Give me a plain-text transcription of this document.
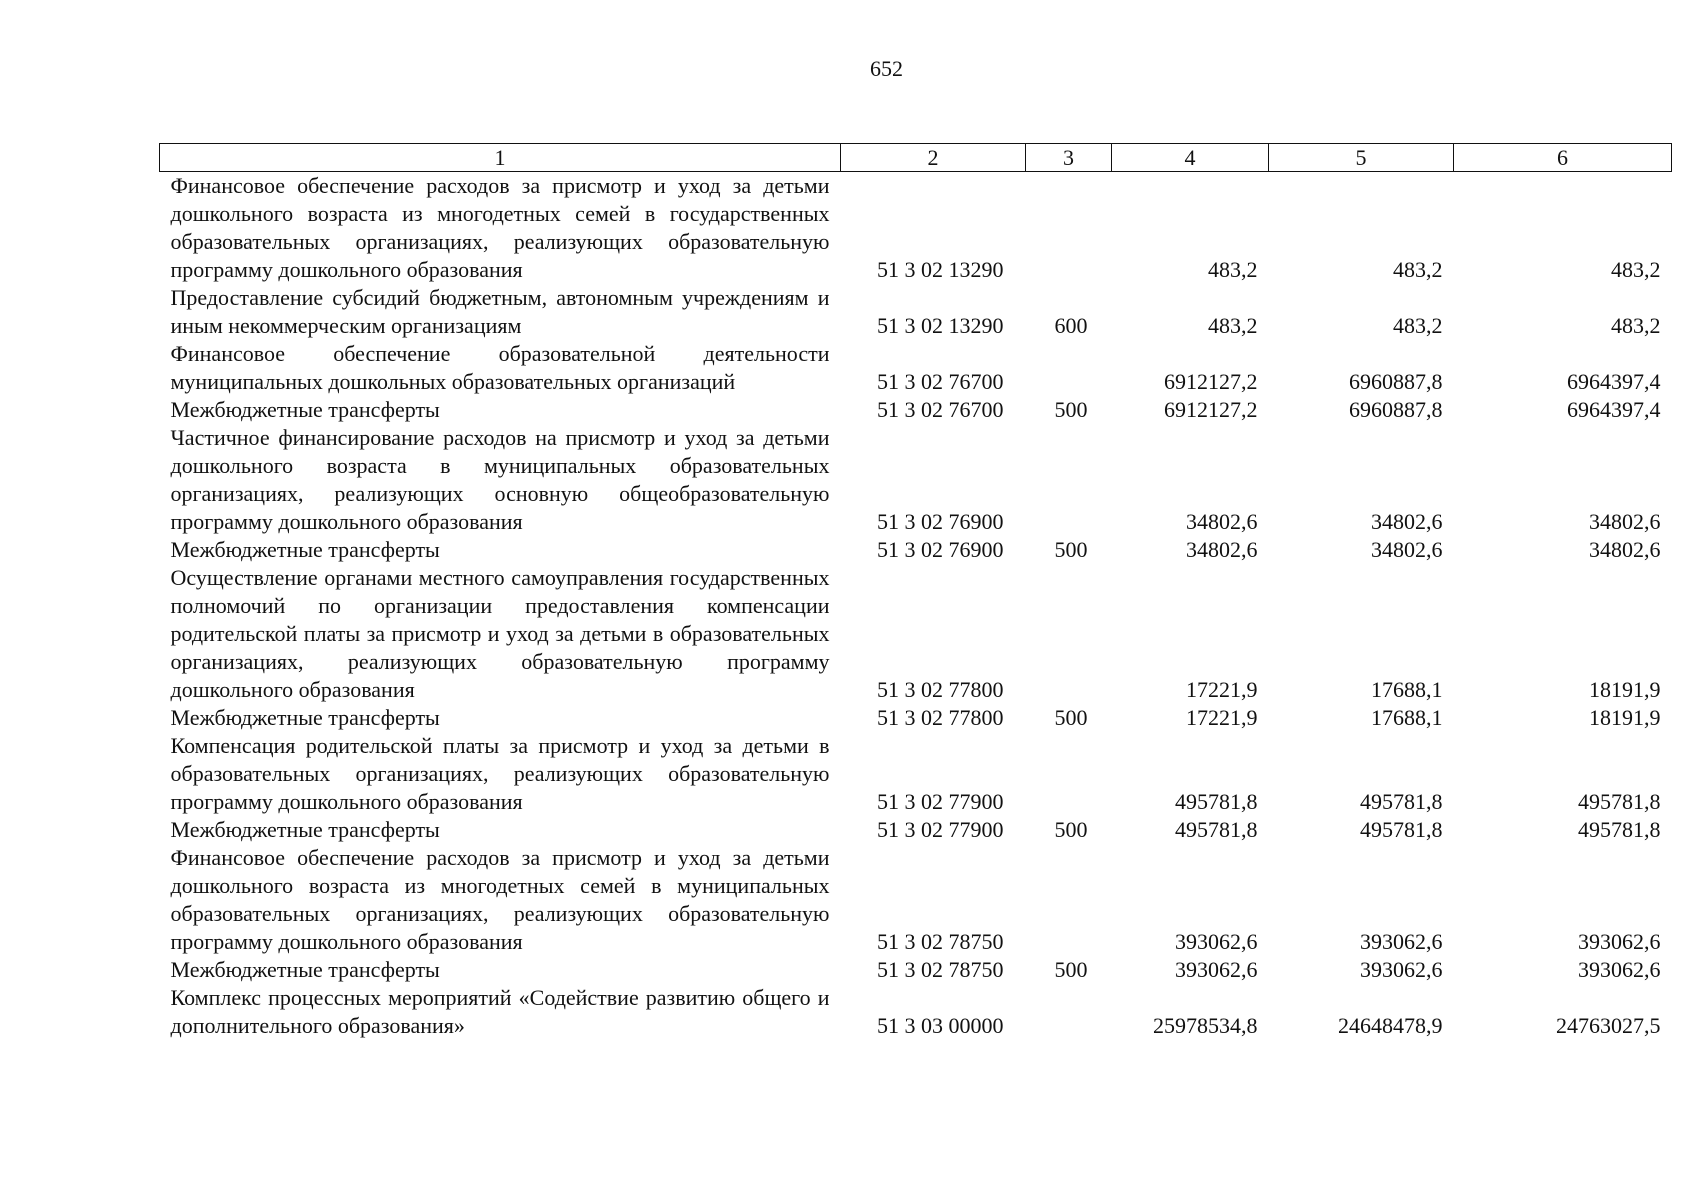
652
1	2	3	4	5	6
Финансовое обеспечение расходов за присмотр и уход за детьми дошкольного возраста из многодетных семей в государственных образовательных организациях, реализующих образовательную программу дошкольного образования	51 3 02 13290		483,2	483,2	483,2
Предоставление субсидий бюджетным, автономным учреждениям и иным некоммерческим организациям	51 3 02 13290	600	483,2	483,2	483,2
Финансовое обеспечение образовательной деятельности муниципальных дошкольных образовательных организаций	51 3 02 76700		6912127,2	6960887,8	6964397,4
Межбюджетные трансферты	51 3 02 76700	500	6912127,2	6960887,8	6964397,4
Частичное финансирование расходов на присмотр и уход за детьми дошкольного возраста в муниципальных образовательных организациях, реализующих основную общеобразовательную программу дошкольного образования	51 3 02 76900		34802,6	34802,6	34802,6
Межбюджетные трансферты	51 3 02 76900	500	34802,6	34802,6	34802,6
Осуществление органами местного самоуправления государственных полномочий по организации предоставления компенсации родительской платы за присмотр и уход за детьми в образовательных организациях, реализующих образовательную программу дошкольного образования	51 3 02 77800		17221,9	17688,1	18191,9
Межбюджетные трансферты	51 3 02 77800	500	17221,9	17688,1	18191,9
Компенсация родительской платы за присмотр и уход за детьми в образовательных организациях, реализующих образовательную программу дошкольного образования	51 3 02 77900		495781,8	495781,8	495781,8
Межбюджетные трансферты	51 3 02 77900	500	495781,8	495781,8	495781,8
Финансовое обеспечение расходов за присмотр и уход за детьми дошкольного возраста из многодетных семей в муниципальных образовательных организациях, реализующих образовательную программу дошкольного образования	51 3 02 78750		393062,6	393062,6	393062,6
Межбюджетные трансферты	51 3 02 78750	500	393062,6	393062,6	393062,6
Комплекс процессных мероприятий «Содействие развитию общего и дополнительного образования»	51 3 03 00000		25978534,8	24648478,9	24763027,5
